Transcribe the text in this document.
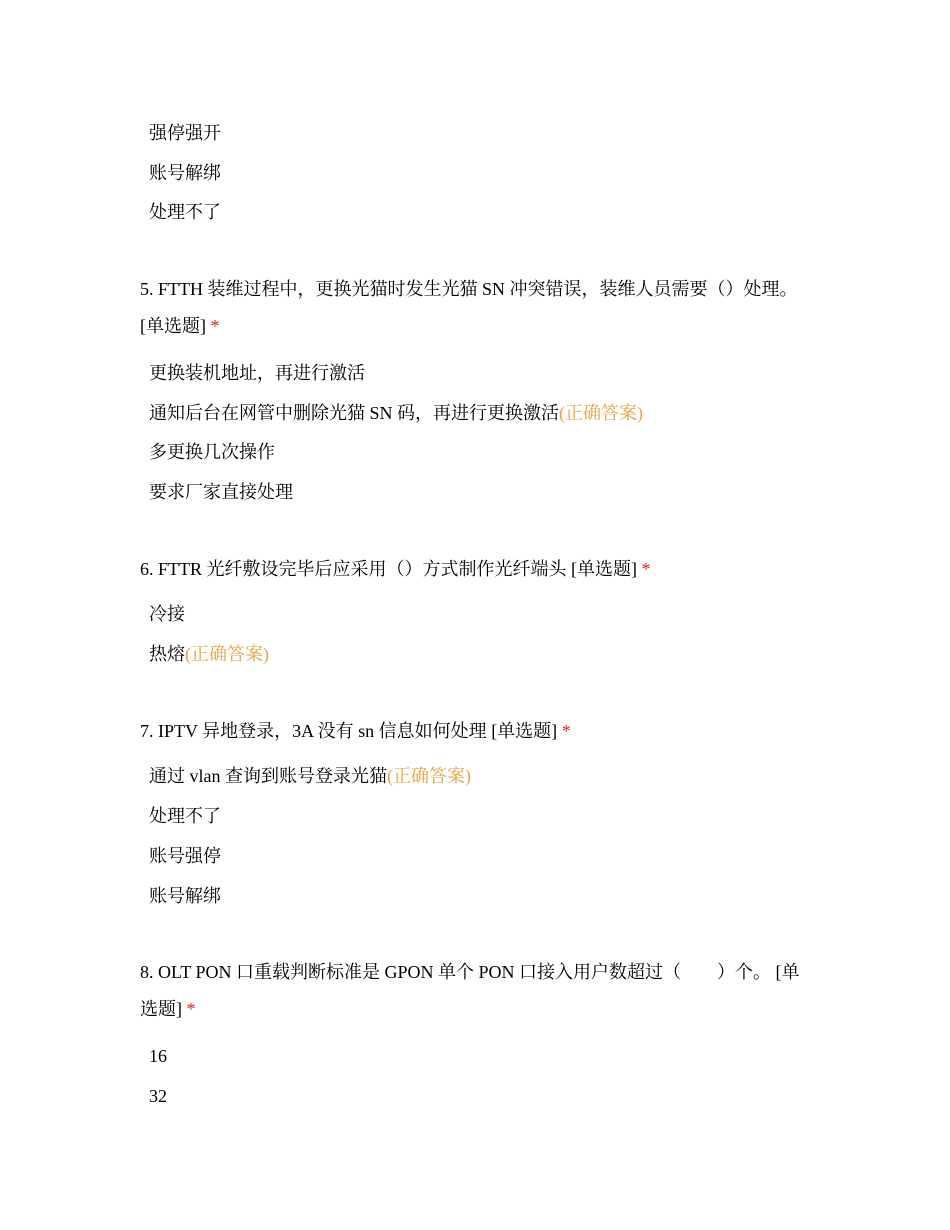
强停强开
账号解绑
处理不了
5. FTTH 装维过程中，更换光猫时发生光猫 SN 冲突错误，装维人员需要（）处理。 [单选题] *
更换装机地址，再进行激活
通知后台在网管中删除光猫 SN 码，再进行更换激活(正确答案)
多更换几次操作
要求厂家直接处理
6. FTTR 光纤敷设完毕后应采用（）方式制作光纤端头 [单选题] *
冷接
热熔(正确答案)
7. IPTV 异地登录，3A 没有 sn 信息如何处理 [单选题] *
通过 vlan 查询到账号登录光猫(正确答案)
处理不了
账号强停
账号解绑
8. OLT PON 口重载判断标准是 GPON 单个 PON 口接入用户数超过（　　）个。 [单选题] *
16
32
